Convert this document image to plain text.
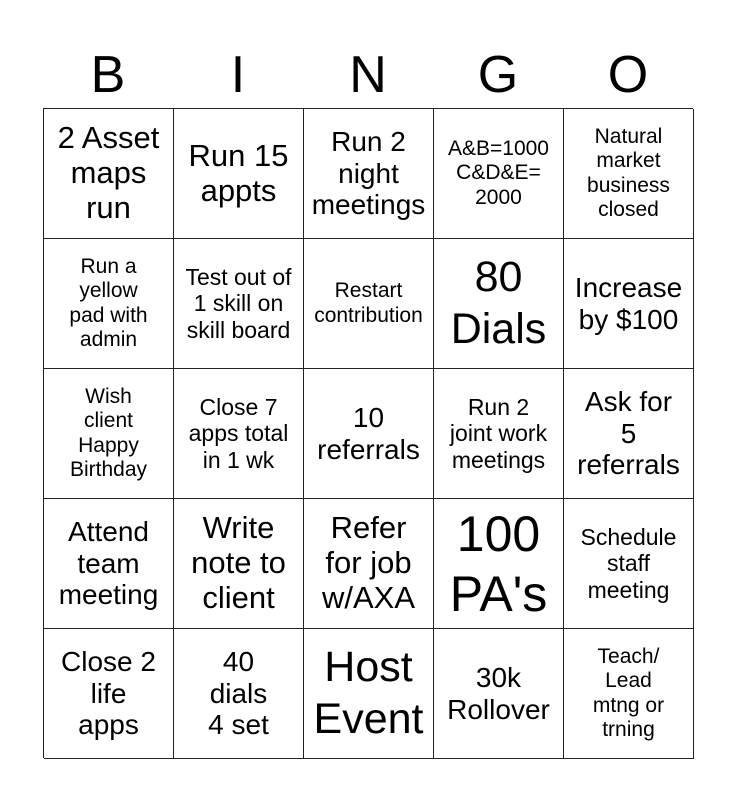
B	I	N	G	O
2 Asset
maps
run
Run 15
appts
Run 2
night
meetings
A&B=1000
C&D&E=
2000
Natural
market
business
closed
Run a
yellow
pad with
admin
Test out of
1 skill on
skill board
Restart
contribution
80
Dials
Increase
by $100
Wish
client
Happy
Birthday
Close 7
apps total
in 1 wk
10
referrals
Run 2
joint work
meetings
Ask for
5
referrals
Attend
team
meeting
Write
note to
client
Refer
for job
w/AXA
100
PA's
Schedule
staff
meeting
Close 2
life
apps
40
dials
4 set
Host
Event
30k
Rollover
Teach/
Lead
mtng or
trning
